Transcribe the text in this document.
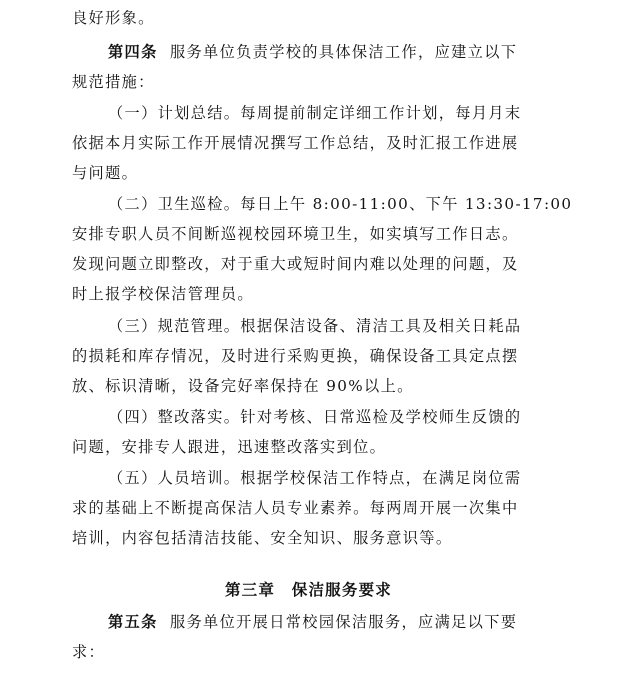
良好形象。
第四条 服务单位负责学校的具体保洁工作，应建立以下
规范措施：
（一）计划总结。每周提前制定详细工作计划，每月月末
依据本月实际工作开展情况撰写工作总结，及时汇报工作进展
与问题。
（二）卫生巡检。每日上午 8:00-11:00、下午 13:30-17:00
安排专职人员不间断巡视校园环境卫生，如实填写工作日志。
发现问题立即整改，对于重大或短时间内难以处理的问题，及
时上报学校保洁管理员。
（三）规范管理。根据保洁设备、清洁工具及相关日耗品
的损耗和库存情况，及时进行采购更换，确保设备工具定点摆
放、标识清晰，设备完好率保持在 90%以上。
（四）整改落实。针对考核、日常巡检及学校师生反馈的
问题，安排专人跟进，迅速整改落实到位。
（五）人员培训。根据学校保洁工作特点，在满足岗位需
求的基础上不断提高保洁人员专业素养。每两周开展一次集中
培训，内容包括清洁技能、安全知识、服务意识等。
第三章　保洁服务要求
第五条 服务单位开展日常校园保洁服务，应满足以下要
求：
